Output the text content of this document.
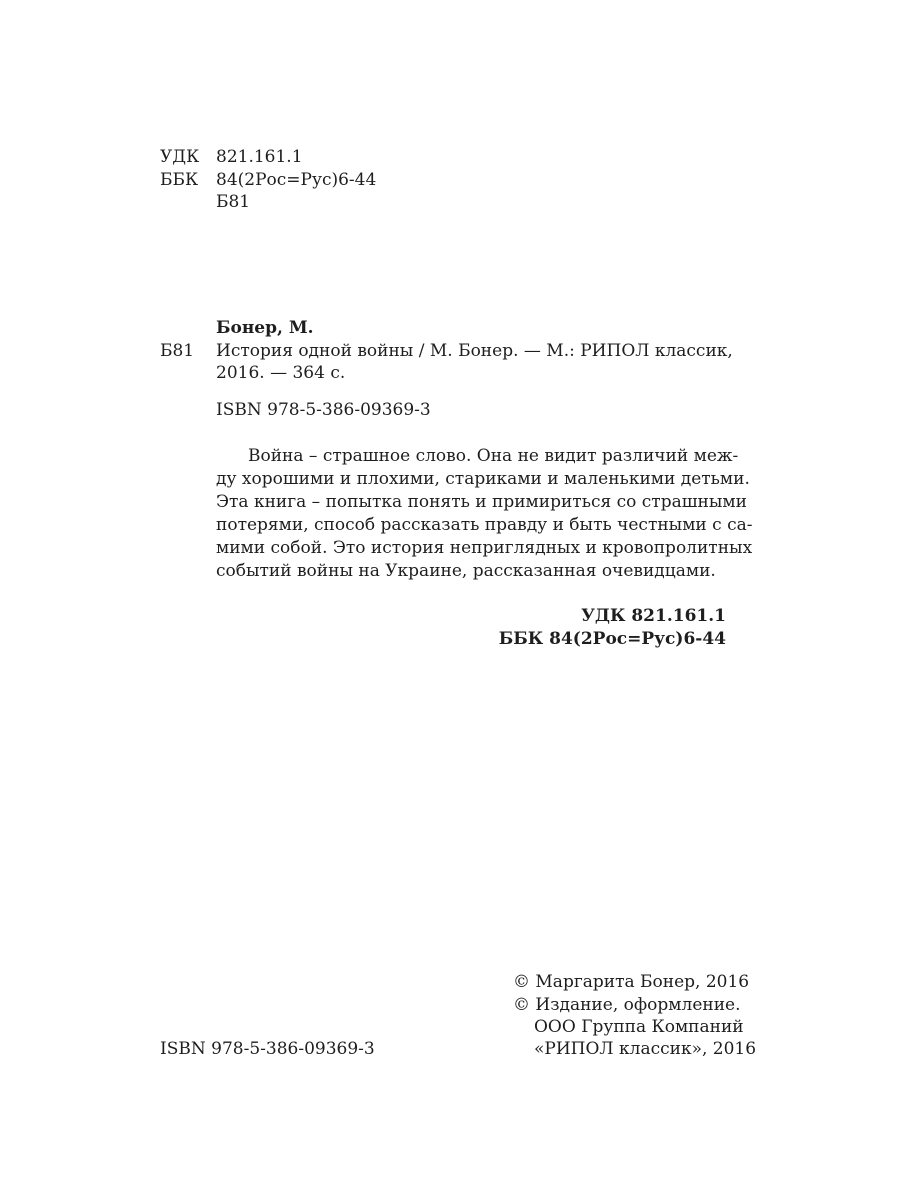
УДК 821.161.1
ББК 84(2Рос=Рус)6-44
Б81
Бонер, М.
Б81 История одной войны / М. Бонер. — М.: РИПОЛ классик,
2016. — 364 с.
ISBN 978-5-386-09369-3
Война – страшное слово. Она не видит различий меж-
ду хорошими и плохими, стариками и маленькими детьми.
Эта книга – попытка понять и примириться со страшными
потерями, способ рассказать правду и быть честными с са-
мими собой. Это история неприглядных и кровопролитных
событий войны на Украине, рассказанная очевидцами.
УДК 821.161.1
ББК 84(2Рос=Рус)6-44
ISBN 978-5-386-09369-3
© Маргарита Бонер, 2016
© Издание, оформление.
ООО Группа Компаний
«РИПОЛ классик», 2016
